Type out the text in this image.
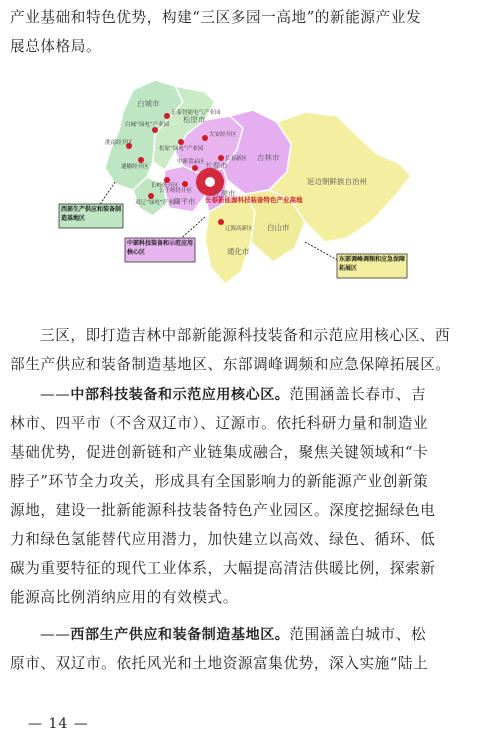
产业基础和特色优势，构建“三区多园一高地”的新能源产业发
展总体格局。
正泰智能电气产业园
白城“绿电”产业园
大安经开区
洮南经开区
松原“绿电”产业园
通榆经开区
中新食品区	长春新区
长岭经开区
双辽“绿电”产业园
辽源高新区
公主岭经开区
白城市
松原市
长春市
吉林市
四平市
辽源市
通化市
白山市
延边朝鲜族自治州
长春新能源科技装备特色产业高地
西部生产供应和装备制造基地区
中部科技装备和示范应用核心区
东部调峰调频和应急保障拓展区
三区，即打造吉林中部新能源科技装备和示范应用核心区、西
部生产供应和装备制造基地区、东部调峰调频和应急保障拓展区。
——中部科技装备和示范应用核心区。范围涵盖长春市、吉
林市、四平市（不含双辽市）、辽源市。依托科研力量和制造业
基础优势，促进创新链和产业链集成融合，聚焦关键领域和“卡
脖子”环节全力攻关，形成具有全国影响力的新能源产业创新策
源地，建设一批新能源科技装备特色产业园区。深度挖掘绿色电
力和绿色氢能替代应用潜力，加快建立以高效、绿色、循环、低
碳为重要特征的现代工业体系，大幅提高清洁供暖比例，探索新
能源高比例消纳应用的有效模式。
——西部生产供应和装备制造基地区。范围涵盖白城市、松
原市、双辽市。依托风光和土地资源富集优势，深入实施“陆上
— 14 —
